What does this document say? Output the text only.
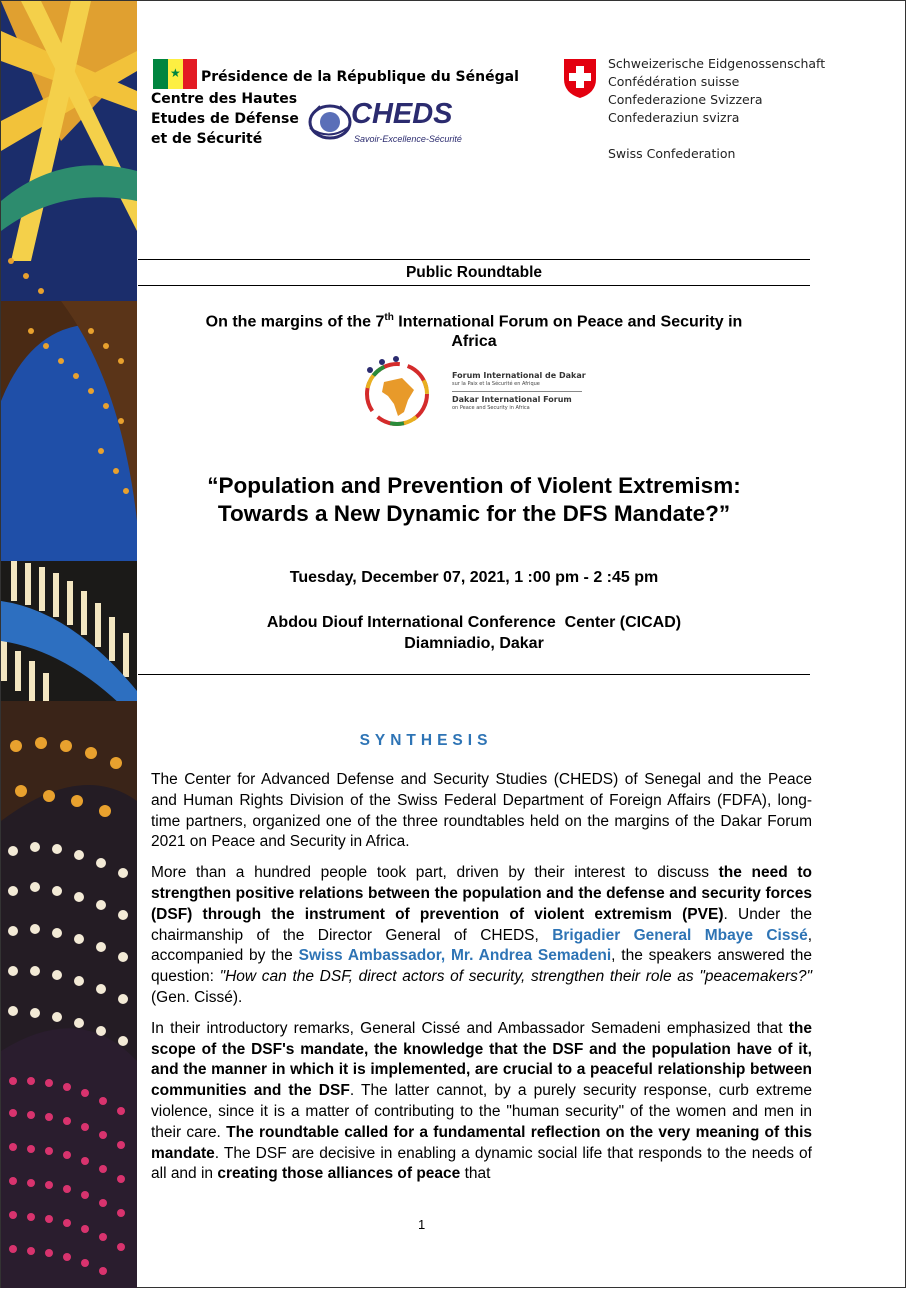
★ Présidence de la République du Sénégal
Centre des Hautes
Etudes de Défense
et de Sécurité
CHEDS
Savoir-Excellence-Sécurité
Schweizerische Eidgenossenschaft
Confédération suisse
Confederazione Svizzera
Confederaziun svizra
Swiss Confederation
Public Roundtable
On the margins of the 7th International Forum on Peace and Security in
Africa
Forum International de Dakar
sur la Paix et la Sécurité en Afrique
Dakar International Forum
on Peace and Security in Africa
“Population and Prevention of Violent Extremism:
Towards a New Dynamic for the DFS Mandate?”
Tuesday, December 07, 2021, 1 :00 pm - 2 :45 pm
Abdou Diouf International Conference  Center (CICAD)
Diamniadio, Dakar
SYNTHESIS

The Center for Advanced Defense and Security Studies (CHEDS) of Senegal and the Peace and Human Rights Division of the Swiss Federal Department of Foreign Affairs (FDFA), long-time partners, organized one of the three roundtables held on the margins of the Dakar Forum 2021 on Peace and Security in Africa.

More than a hundred people took part, driven by their interest to discuss the need to strengthen positive relations between the population and the defense and security forces (DSF) through the instrument of prevention of violent extremism (PVE). Under the chairmanship of the Director General of CHEDS, Brigadier General Mbaye Cissé, accompanied by the Swiss Ambassador, Mr. Andrea Semadeni, the speakers answered the question: "How can the DSF, direct actors of security, strengthen their role as "peacemakers?" (Gen. Cissé).

In their introductory remarks, General Cissé and Ambassador Semadeni emphasized that the scope of the DSF's mandate, the knowledge that the DSF and the population have of it, and the manner in which it is implemented, are crucial to a peaceful relationship between communities and the DSF. The latter cannot, by a purely security response, curb extreme violence, since it is a matter of contributing to the "human security" of the women and men in their care. The roundtable called for a fundamental reflection on the very meaning of this mandate. The DSF are decisive in enabling a dynamic social life that responds to the needs of all and in creating those alliances of peace that

1
